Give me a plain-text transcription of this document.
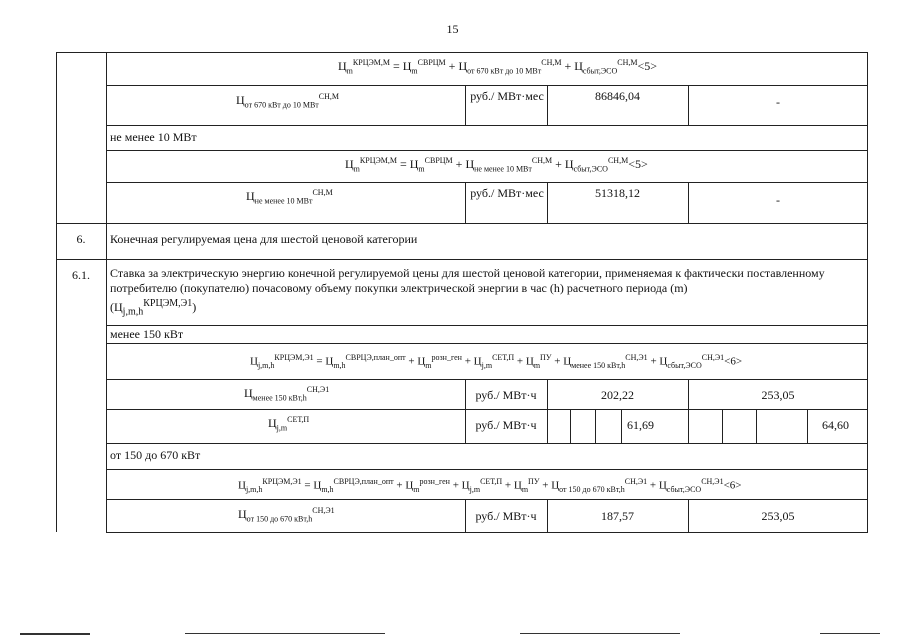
15
$Ц_m^{КРЦЭМ,М} = Ц_m^{СВРЦМ} + Ц_{от 670 кВт до 10 МВт}^{СН,М} + Ц_{сбыт,ЭСО}^{СН,М}<5>$
$Ц_{от 670 кВт до 10 МВт}^{СН,М}$	руб./ МВт·мес	86846,04	-
не менее 10 МВт
$Ц_m^{КРЦЭМ,М} = Ц_m^{СВРЦМ} + Ц_{не менее 10 МВт}^{СН,М} + Ц_{сбыт,ЭСО}^{СН,М}<5>$
$Ц_{не менее 10 МВт}^{СН,М}$	руб./ МВт·мес	51318,12	-
6.	Конечная регулируемая цена для шестой ценовой категории
6.1.	Ставка за электрическую энергию конечной регулируемой цены для шестой ценовой категории, применяемая к фактически поставленному потребителю (покупателю) почасовому объему покупки электрической энергии в час (h) расчетного периода (m)
$(Ц_{j,m,h}^{КРЦЭМ,Э1})$
менее 150 кВт
$Ц_{j,m,h}^{КРЦЭМ,Э1} = Ц_{m,h}^{СВРЦЭ,план\_опт} + Ц_m^{розн\_ген} + Ц_{j,m}^{СЕТ,П} + Ц_m^{ПУ} + Ц_{менее 150 кВт,h}^{СН,Э1} + Ц_{сбыт,ЭСО}^{СН,Э1}<6>$
$Ц_{менее 150 кВт,h}^{СН,Э1}$	руб./ МВт·ч	202,22	253,05
$Ц_{j,m}^{СЕТ,П}$	руб./ МВт·ч	61,69	64,60
от 150 до 670 кВт
$Ц_{j,m,h}^{КРЦЭМ,Э1} = Ц_{m,h}^{СВРЦЭ,план\_опт} + Ц_m^{розн\_ген} + Ц_{j,m}^{СЕТ,П} + Ц_m^{ПУ} + Ц_{от 150 до 670 кВт,h}^{СН,Э1} + Ц_{сбыт,ЭСО}^{СН,Э1}<6>$
$Ц_{от 150 до 670 кВт,h}^{СН,Э1}$	руб./ МВт·ч	187,57	253,05
